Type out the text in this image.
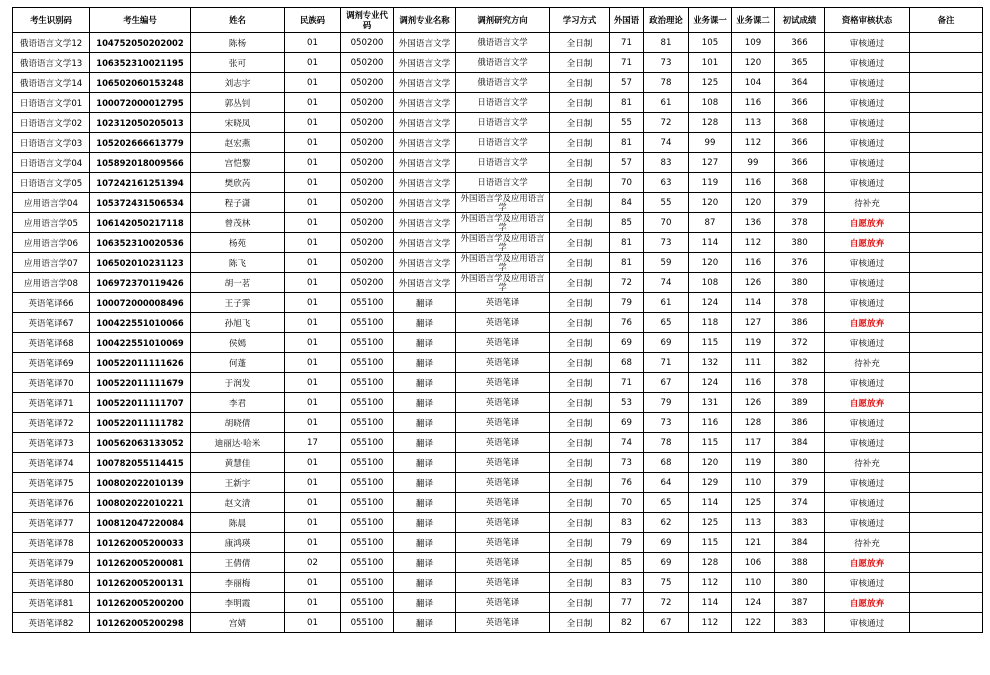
考生识别码	考生编号	姓名	民族码	调剂专业代码	调剂专业名称	调剂研究方向	学习方式	外国语	政治理论	业务课一	业务课二	初试成绩	资格审核状态	备注
俄语语言文学12	104752050202002	陈杨	01	050200	外国语言文学	俄语语言文学	全日制	71	81	105	109	366	审核通过	
俄语语言文学13	106352310021195	张可	01	050200	外国语言文学	俄语语言文学	全日制	71	73	101	120	365	审核通过	
俄语语言文学14	106502060153248	刘志宇	01	050200	外国语言文学	俄语语言文学	全日制	57	78	125	104	364	审核通过	
日语语言文学01	100072000012795	郭丛钊	01	050200	外国语言文学	日语语言文学	全日制	81	61	108	116	366	审核通过	
日语语言文学02	102312050205013	宋晓凤	01	050200	外国语言文学	日语语言文学	全日制	55	72	128	113	368	审核通过	
日语语言文学03	105202666613779	赵宏燕	01	050200	外国语言文学	日语语言文学	全日制	81	74	99	112	366	审核通过	
日语语言文学04	105892018009566	宫恺黎	01	050200	外国语言文学	日语语言文学	全日制	57	83	127	99	366	审核通过	
日语语言文学05	107242161251394	樊欣芮	01	050200	外国语言文学	日语语言文学	全日制	70	63	119	116	368	审核通过	
应用语言学04	105372431506534	程子潇	01	050200	外国语言文学	外国语言学及应用语言学	全日制	84	55	120	120	379	待补充	
应用语言学05	106142050217118	曾茂林	01	050200	外国语言文学	外国语言学及应用语言学	全日制	85	70	87	136	378	自愿放弃	
应用语言学06	106352310020536	杨苑	01	050200	外国语言文学	外国语言学及应用语言学	全日制	81	73	114	112	380	自愿放弃	
应用语言学07	106502010231123	陈飞	01	050200	外国语言文学	外国语言学及应用语言学	全日制	81	59	120	116	376	审核通过	
应用语言学08	106972370119426	胡一茗	01	050200	外国语言文学	外国语言学及应用语言学	全日制	72	74	108	126	380	审核通过	
英语笔译66	100072000008496	王子霁	01	055100	翻译	英语笔译	全日制	79	61	124	114	378	审核通过	
英语笔译67	100422551010066	孙旭飞	01	055100	翻译	英语笔译	全日制	76	65	118	127	386	自愿放弃	
英语笔译68	100422551010069	侯嫣	01	055100	翻译	英语笔译	全日制	69	69	115	119	372	审核通过	
英语笔译69	100522011111626	何蓬	01	055100	翻译	英语笔译	全日制	68	71	132	111	382	待补充	
英语笔译70	100522011111679	于润发	01	055100	翻译	英语笔译	全日制	71	67	124	116	378	审核通过	
英语笔译71	100522011111707	李君	01	055100	翻译	英语笔译	全日制	53	79	131	126	389	自愿放弃	
英语笔译72	100522011111782	胡晓倩	01	055100	翻译	英语笔译	全日制	69	73	116	128	386	审核通过	
英语笔译73	100562063133052	迪丽达·哈米	17	055100	翻译	英语笔译	全日制	74	78	115	117	384	审核通过	
英语笔译74	100782055114415	黄慧佳	01	055100	翻译	英语笔译	全日制	73	68	120	119	380	待补充	
英语笔译75	100802022010139	王新宇	01	055100	翻译	英语笔译	全日制	76	64	129	110	379	审核通过	
英语笔译76	100802022010221	赵文清	01	055100	翻译	英语笔译	全日制	70	65	114	125	374	审核通过	
英语笔译77	100812047220084	陈晨	01	055100	翻译	英语笔译	全日制	83	62	125	113	383	审核通过	
英语笔译78	101262005200033	康鸿瑛	01	055100	翻译	英语笔译	全日制	79	69	115	121	384	待补充	
英语笔译79	101262005200081	王倩倩	02	055100	翻译	英语笔译	全日制	85	69	128	106	388	自愿放弃	
英语笔译80	101262005200131	李丽梅	01	055100	翻译	英语笔译	全日制	83	75	112	110	380	审核通过	
英语笔译81	101262005200200	李明霞	01	055100	翻译	英语笔译	全日制	77	72	114	124	387	自愿放弃	
英语笔译82	101262005200298	宫婧	01	055100	翻译	英语笔译	全日制	82	67	112	122	383	审核通过	
